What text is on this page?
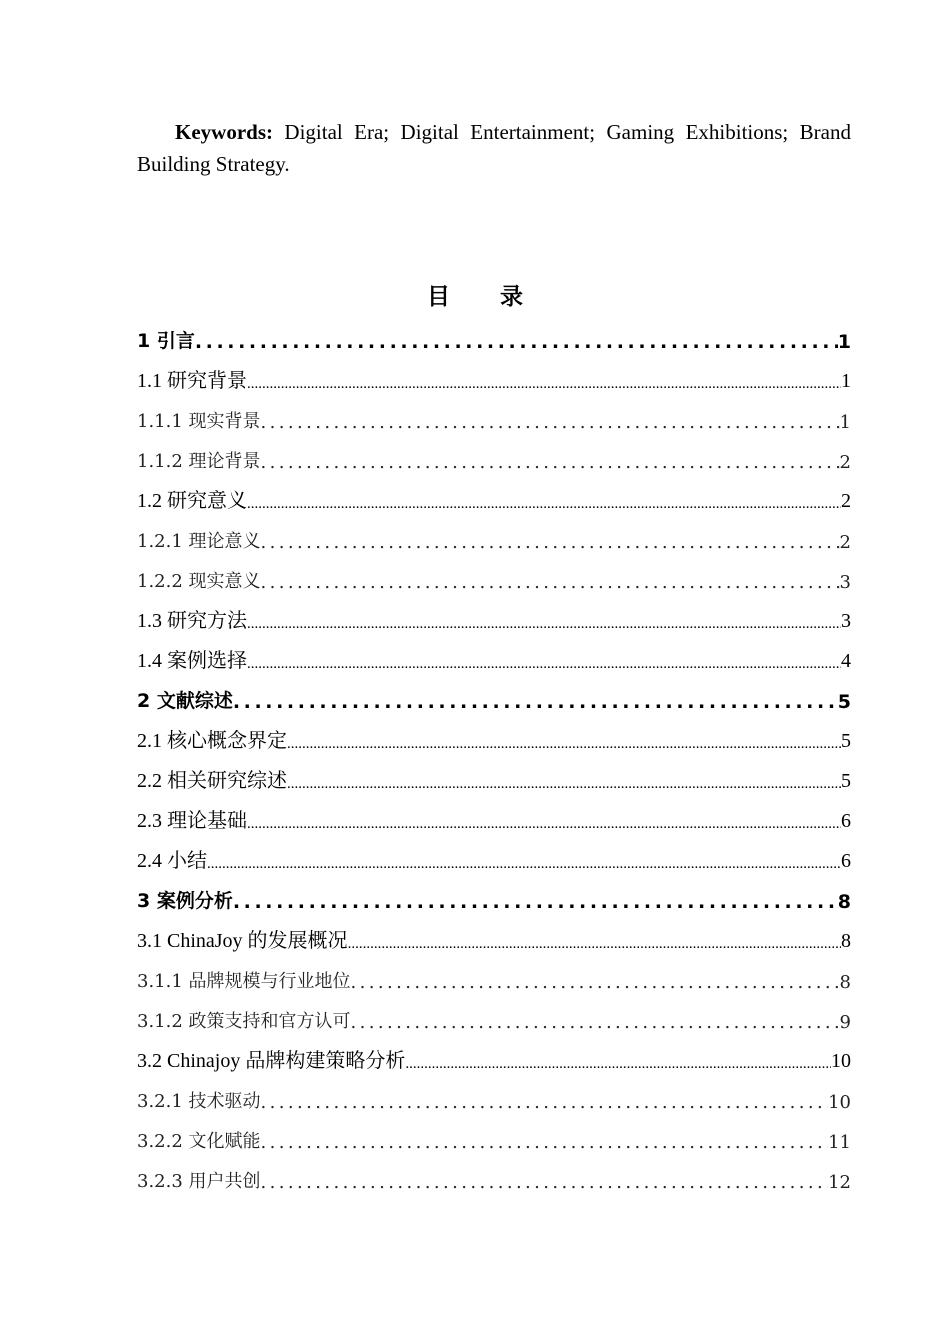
Keywords: Digital Era; Digital Entertainment; Gaming Exhibitions; Brand Building Strategy.
目 录
1 引言 .....	1
1.1 研究背景 .....	1
1.1.1 现实背景 .....	1
1.1.2 理论背景 .....	2
1.2 研究意义 .....	2
1.2.1 理论意义 .....	2
1.2.2 现实意义 .....	3
1.3 研究方法 .....	3
1.4 案例选择 .....	4
2 文献综述 .....	5
2.1 核心概念界定 .....	5
2.2 相关研究综述 .....	5
2.3 理论基础 .....	6
2.4 小结 .....	6
3 案例分析 .....	8
3.1 ChinaJoy 的发展概况 .....	8
3.1.1 品牌规模与行业地位 .....	8
3.1.2 政策支持和官方认可 .....	9
3.2 Chinajoy 品牌构建策略分析 .....	10
3.2.1 技术驱动 .....	10
3.2.2 文化赋能 .....	11
3.2.3 用户共创 .....	12
